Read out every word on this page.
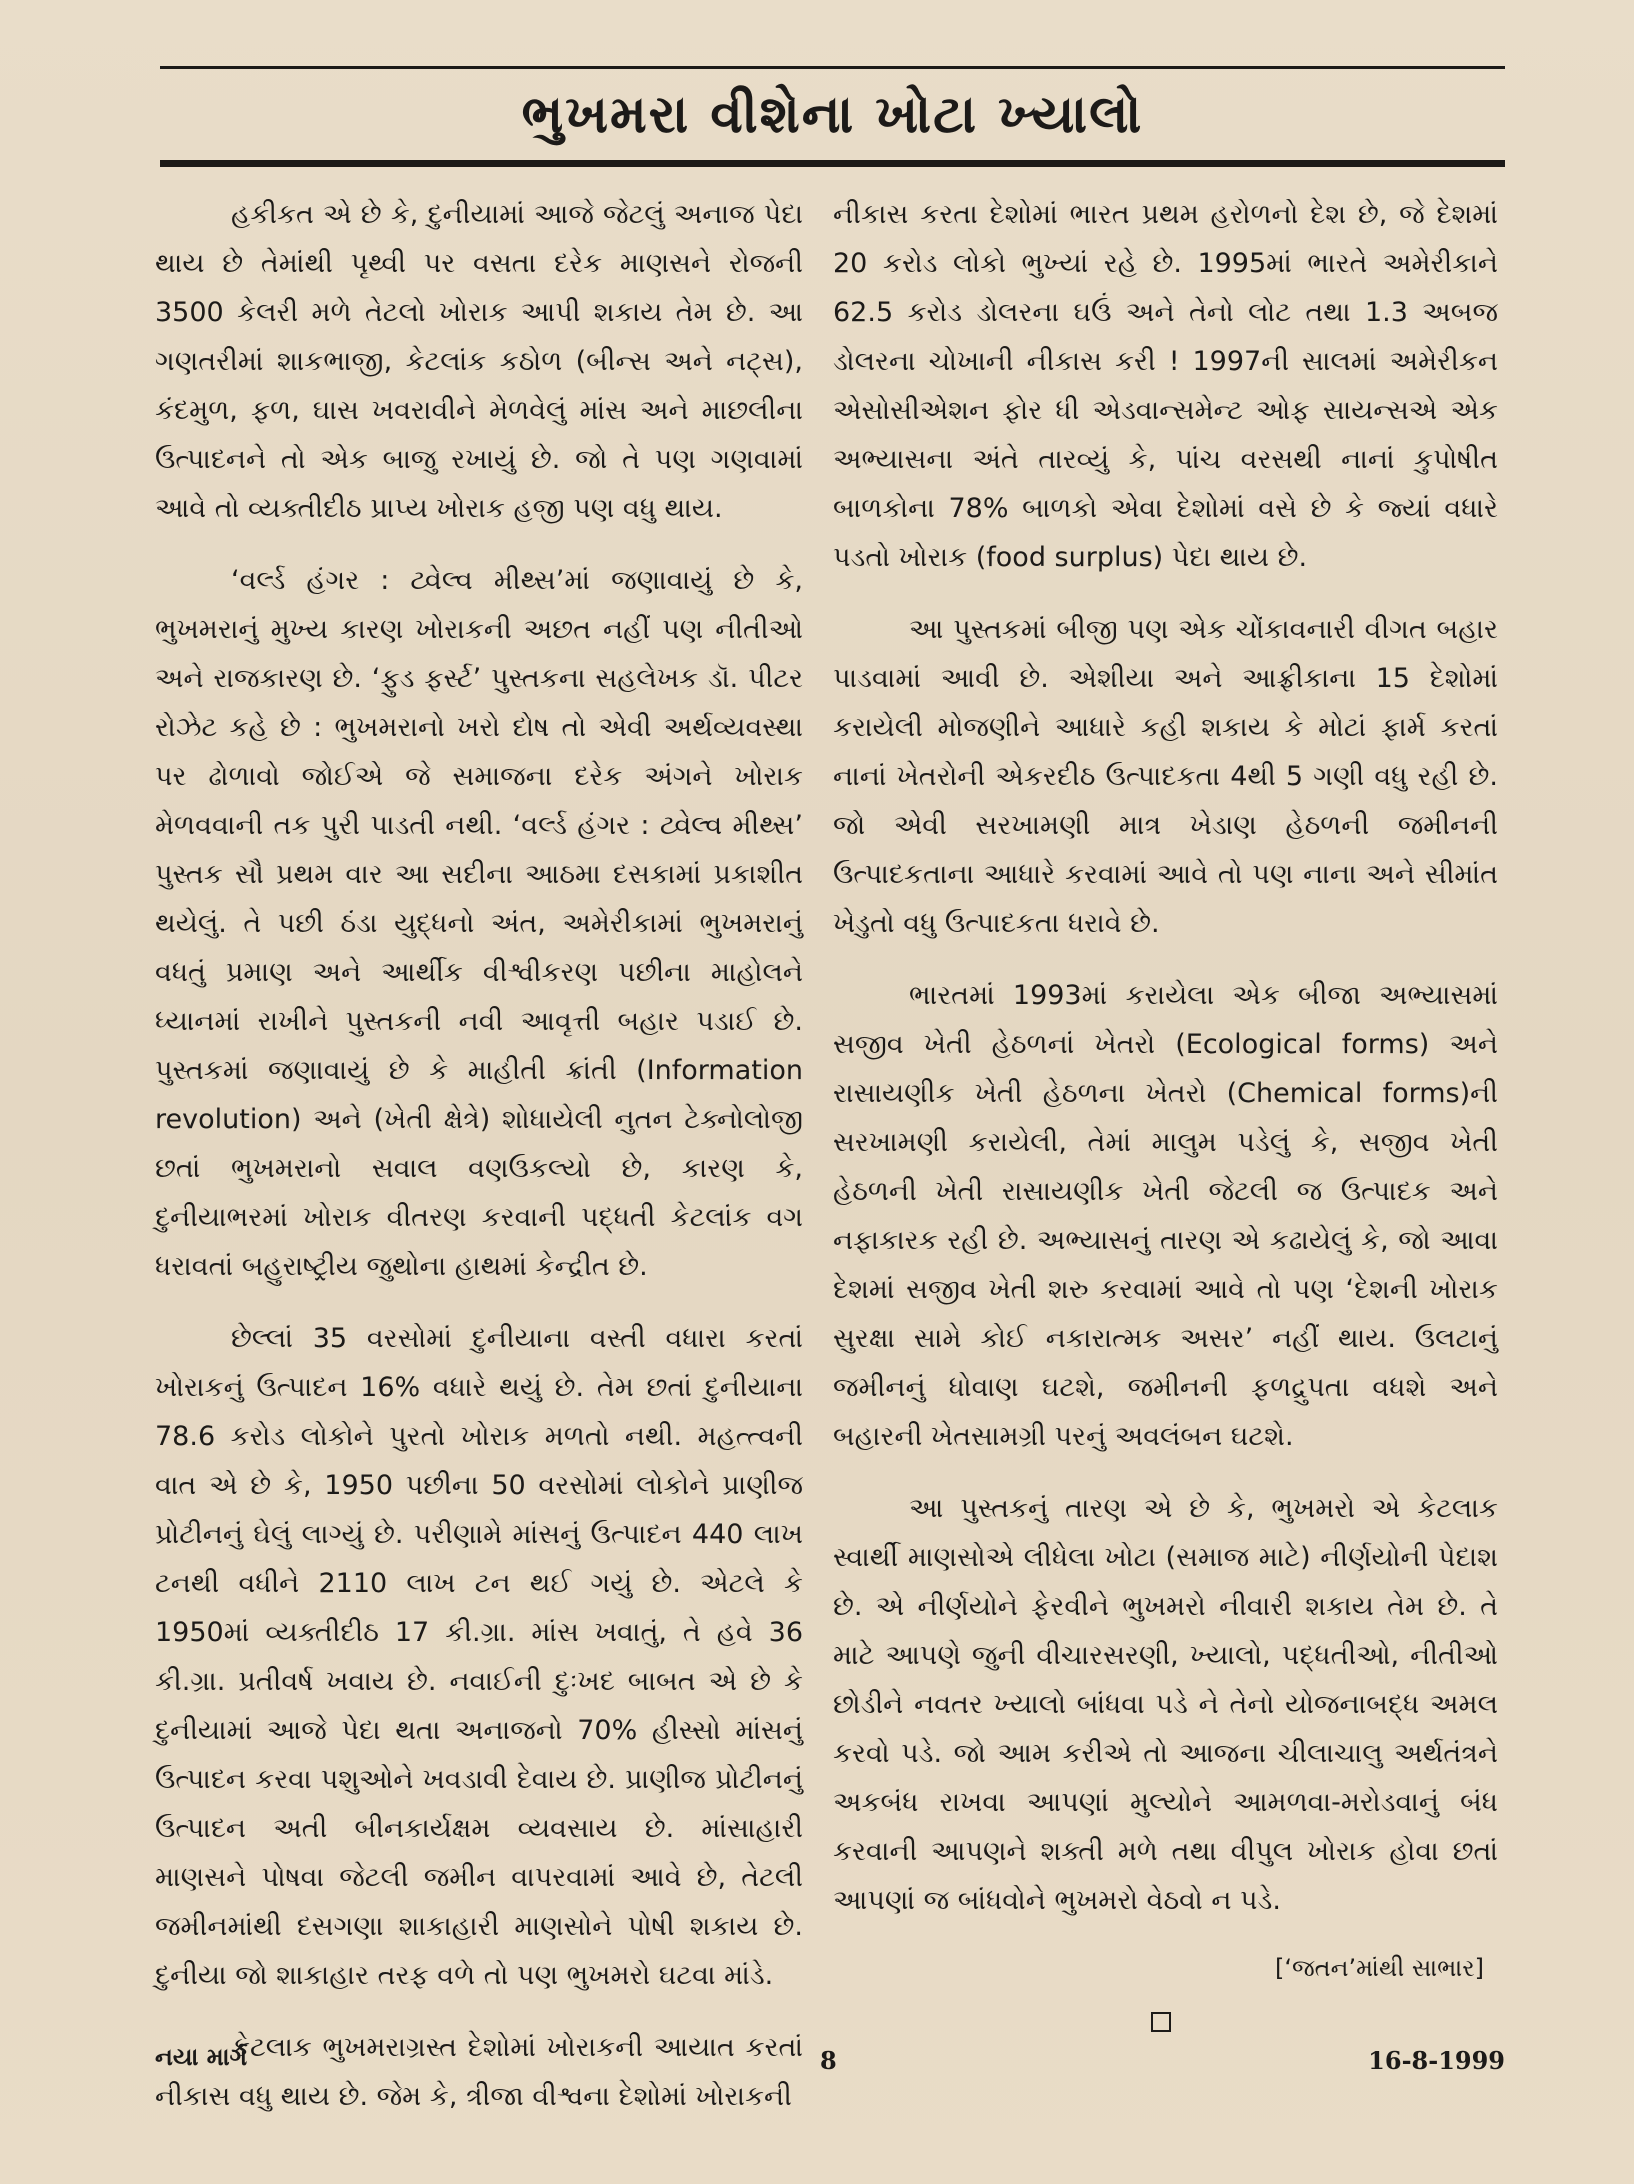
ભુખમરા વીશેના ખોટા ખ્યાલો

હકીકત એ છે કે, દુનીયામાં આજે જેટલું અનાજ પેદા થાય છે તેમાંથી પૃથ્વી પર વસતા દરેક માણસને રોજની 3500 કેલરી મળે તેટલો ખોરાક આપી શકાય તેમ છે. આ ગણતરીમાં શાકભાજી, કેટલાંક કઠોળ (બીન્સ અને નટ્સ), કંદમુળ, ફળ, ઘાસ ખવરાવીને મેળવેલું માંસ અને માછલીના ઉત્પાદનને તો એક બાજુ રખાયું છે. જો તે પણ ગણવામાં આવે તો વ્યક્તીદીઠ પ્રાપ્ય ખોરાક હજી પણ વધુ થાય.

‘વર્લ્ડ હંગર : ટ્વેલ્વ મીથ્સ’માં જણાવાયું છે કે, ભુખમરાનું મુખ્ય કારણ ખોરાકની અછત નહીં પણ નીતીઓ અને રાજકારણ છે. ‘ફુડ ફર્સ્ટ’ પુસ્તકના સહલેખક ડૉ. પીટર રોઝેટ કહે છે : ભુખમરાનો ખરો દોષ તો એવી અર્થવ્યવસ્થા પર ઢોળાવો જોઈએ જે સમાજના દરેક અંગને ખોરાક મેળવવાની તક પુરી પાડતી નથી. ‘વર્લ્ડ હંગર : ટ્વેલ્વ મીથ્સ’ પુસ્તક સૌ પ્રથમ વાર આ સદીના આઠમા દસકામાં પ્રકાશીત થયેલું. તે પછી ઠંડા યુદ્ધનો અંત, અમેરીકામાં ભુખમરાનું વધતું પ્રમાણ અને આર્થીક વીશ્વીકરણ પછીના માહોલને ધ્યાનમાં રાખીને પુસ્તકની નવી આવૃત્તી બહાર પડાઈ છે. પુસ્તકમાં જણાવાયું છે કે માહીતી ક્રાંતી (Information revolution) અને (ખેતી ક્ષેત્રે) શોધાયેલી નુતન ટેક્નોલોજી છતાં ભુખમરાનો સવાલ વણઉકલ્યો છે, કારણ કે, દુનીયાભરમાં ખોરાક વીતરણ કરવાની પદ્ધતી કેટલાંક વગ ધરાવતાં બહુરાષ્ટ્રીય જુથોના હાથમાં કેન્દ્રીત છે.

છેલ્લાં 35 વરસોમાં દુનીયાના વસ્તી વધારા કરતાં ખોરાકનું ઉત્પાદન 16% વધારે થયું છે. તેમ છતાં દુનીયાના 78.6 કરોડ લોકોને પુરતો ખોરાક મળતો નથી. મહત્ત્વની વાત એ છે કે, 1950 પછીના 50 વરસોમાં લોકોને પ્રાણીજ પ્રોટીનનું ઘેલું લાગ્યું છે. પરીણામે માંસનું ઉત્પાદન 440 લાખ ટનથી વધીને 2110 લાખ ટન થઈ ગયું છે. એટલે કે 1950માં વ્યક્તીદીઠ 17 કી.ગ્રા. માંસ ખવાતું, તે હવે 36 કી.ગ્રા. પ્રતીવર્ષ ખવાય છે. નવાઈની દુઃખદ બાબત એ છે કે દુનીયામાં આજે પેદા થતા અનાજનો 70% હીસ્સો માંસનું ઉત્પાદન કરવા પશુઓને ખવડાવી દેવાય છે. પ્રાણીજ પ્રોટીનનું ઉત્પાદન અતી બીનકાર્યક્ષમ વ્યવસાય છે. માંસાહારી માણસને પોષવા જેટલી જમીન વાપરવામાં આવે છે, તેટલી જમીનમાંથી દસગણા શાકાહારી માણસોને પોષી શકાય છે. દુનીયા જો શાકાહાર તરફ વળે તો પણ ભુખમરો ઘટવા માંડે.

કેટલાક ભુખમરાગ્રસ્ત દેશોમાં ખોરાકની આયાત કરતાં નીકાસ વધુ થાય છે. જેમ કે, ત્રીજા વીશ્વના દેશોમાં ખોરાકની

નીકાસ કરતા દેશોમાં ભારત પ્રથમ હરોળનો દેશ છે, જે દેશમાં 20 કરોડ લોકો ભુખ્યાં રહે છે. 1995માં ભારતે અમેરીકાને 62.5 કરોડ ડોલરના ઘઉં અને તેનો લોટ તથા 1.3 અબજ ડોલરના ચોખાની નીકાસ કરી ! 1997ની સાલમાં અમેરીકન એસોસીએશન ફોર ધી એડવાન્સમેન્ટ ઓફ સાયન્સએ એક અભ્યાસના અંતે તારવ્યું કે, પાંચ વરસથી નાનાં કુપોષીત બાળકોના 78% બાળકો એવા દેશોમાં વસે છે કે જ્યાં વધારે પડતો ખોરાક (food surplus) પેદા થાય છે.

આ પુસ્તકમાં બીજી પણ એક ચોંકાવનારી વીગત બહાર પાડવામાં આવી છે. એશીયા અને આફ્રીકાના 15 દેશોમાં કરાયેલી મોજણીને આધારે કહી શકાય કે મોટાં ફાર્મ કરતાં નાનાં ખેતરોની એકરદીઠ ઉત્પાદકતા 4થી 5 ગણી વધુ રહી છે. જો એવી સરખામણી માત્ર ખેડાણ હેઠળની જમીનની ઉત્પાદકતાના આધારે કરવામાં આવે તો પણ નાના અને સીમાંત ખેડુતો વધુ ઉત્પાદકતા ધરાવે છે.

ભારતમાં 1993માં કરાયેલા એક બીજા અભ્યાસમાં સજીવ ખેતી હેઠળનાં ખેતરો (Ecological forms) અને રાસાયણીક ખેતી હેઠળના ખેતરો (Chemical forms)ની સરખામણી કરાયેલી, તેમાં માલુમ પડેલું કે, સજીવ ખેતી હેઠળની ખેતી રાસાયણીક ખેતી જેટલી જ ઉત્પાદક અને નફાકારક રહી છે. અભ્યાસનું તારણ એ કઢાયેલું કે, જો આવા દેશમાં સજીવ ખેતી શરુ કરવામાં આવે તો પણ ‘દેશની ખોરાક સુરક્ષા સામે કોઈ નકારાત્મક અસર’ નહીં થાય. ઉલટાનું જમીનનું ધોવાણ ઘટશે, જમીનની ફળદ્રુપતા વધશે અને બહારની ખેતસામગ્રી પરનું અવલંબન ઘટશે.

આ પુસ્તકનું તારણ એ છે કે, ભુખમરો એ કેટલાક સ્વાર્થી માણસોએ લીધેલા ખોટા (સમાજ માટે) નીર્ણયોની પેદાશ છે. એ નીર્ણયોને ફેરવીને ભુખમરો નીવારી શકાય તેમ છે. તે માટે આપણે જુની વીચારસરણી, ખ્યાલો, પદ્ધતીઓ, નીતીઓ છોડીને નવતર ખ્યાલો બાંધવા પડે ને તેનો યોજનાબદ્ધ અમલ કરવો પડે. જો આમ કરીએ તો આજના ચીલાચાલુ અર્થતંત્રને અકબંધ રાખવા આપણાં મુલ્યોને આમળવા-મરોડવાનું બંધ કરવાની આપણને શક્તી મળે તથા વીપુલ ખોરાક હોવા છતાં આપણાં જ બાંધવોને ભુખમરો વેઠવો ન પડે.

[‘જતન’માંથી સાભાર]
નયા માર્ગ	8	16-8-1999
